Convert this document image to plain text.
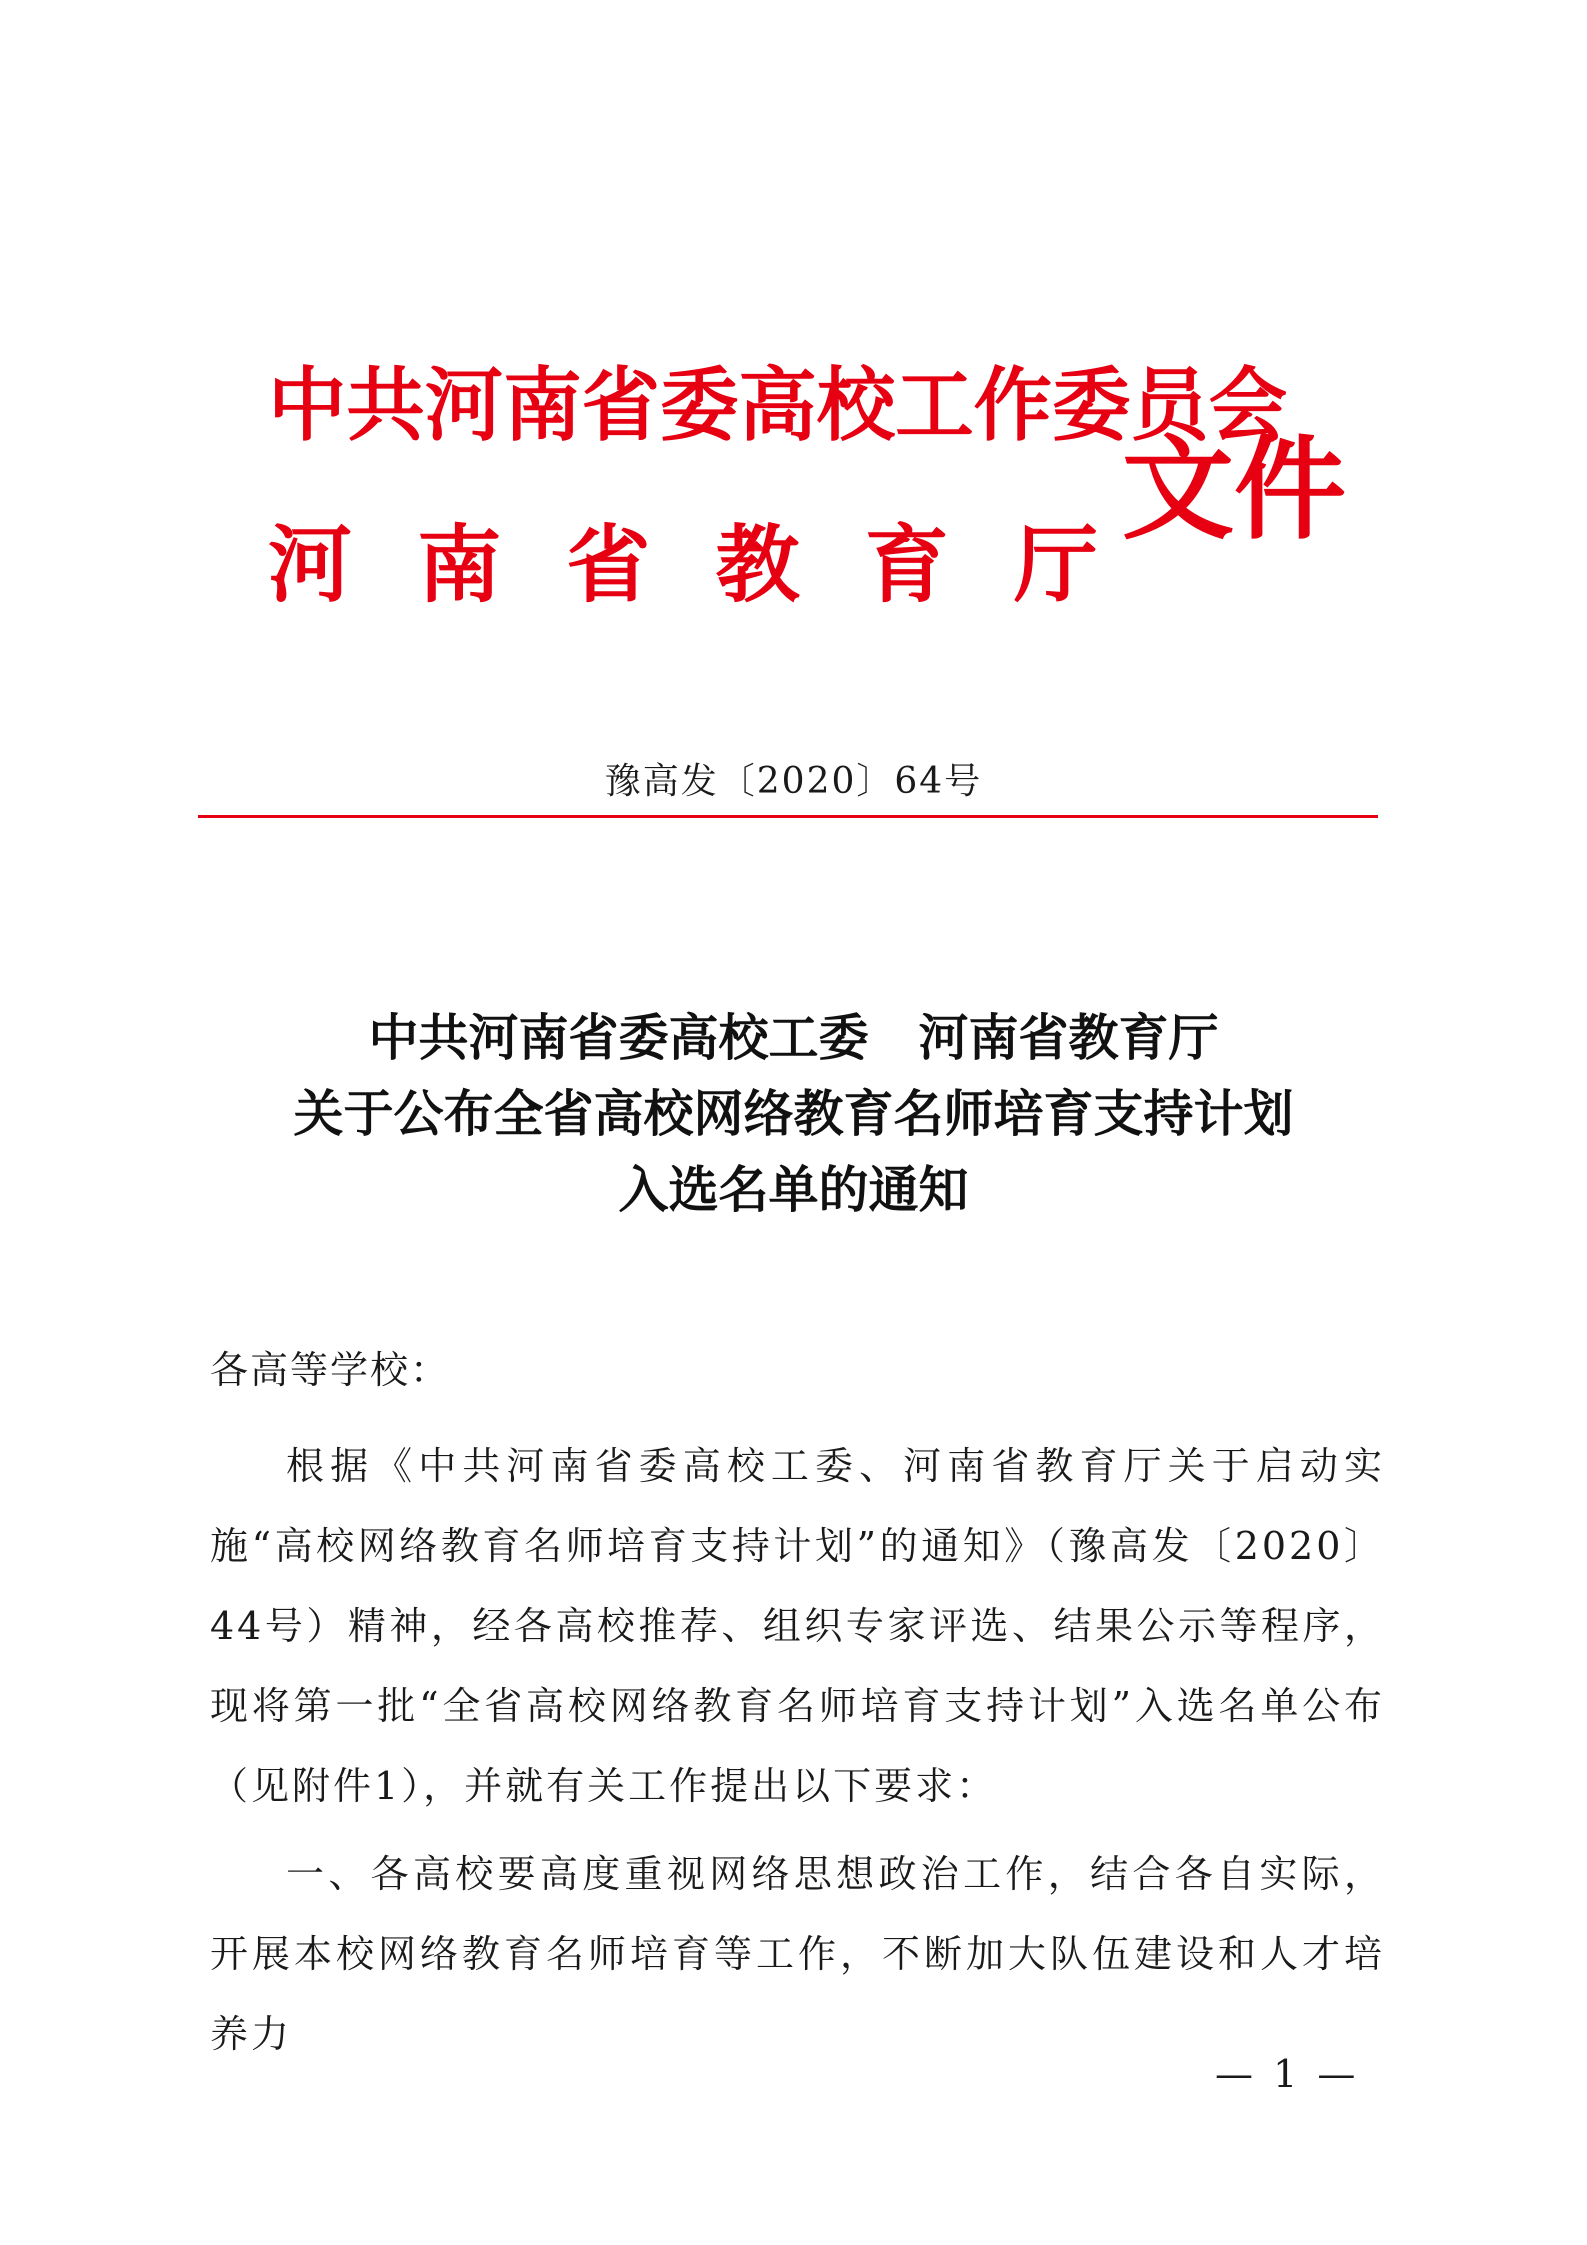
中共河南省委高校工作委员会
河 南 省 教 育 厅
文件
豫高发〔2020〕64号
中共河南省委高校工委　河南省教育厅
关于公布全省高校网络教育名师培育支持计划
入选名单的通知
各高等学校：

根据《中共河南省委高校工委、河南省教育厅关于启动实施“高校网络教育名师培育支持计划”的通知》（豫高发〔2020〕44号）精神，经各高校推荐、组织专家评选、结果公示等程序，现将第一批“全省高校网络教育名师培育支持计划”入选名单公布（见附件1），并就有关工作提出以下要求：

一、各高校要高度重视网络思想政治工作，结合各自实际，开展本校网络教育名师培育等工作，不断加大队伍建设和人才培养力

— 1 —
